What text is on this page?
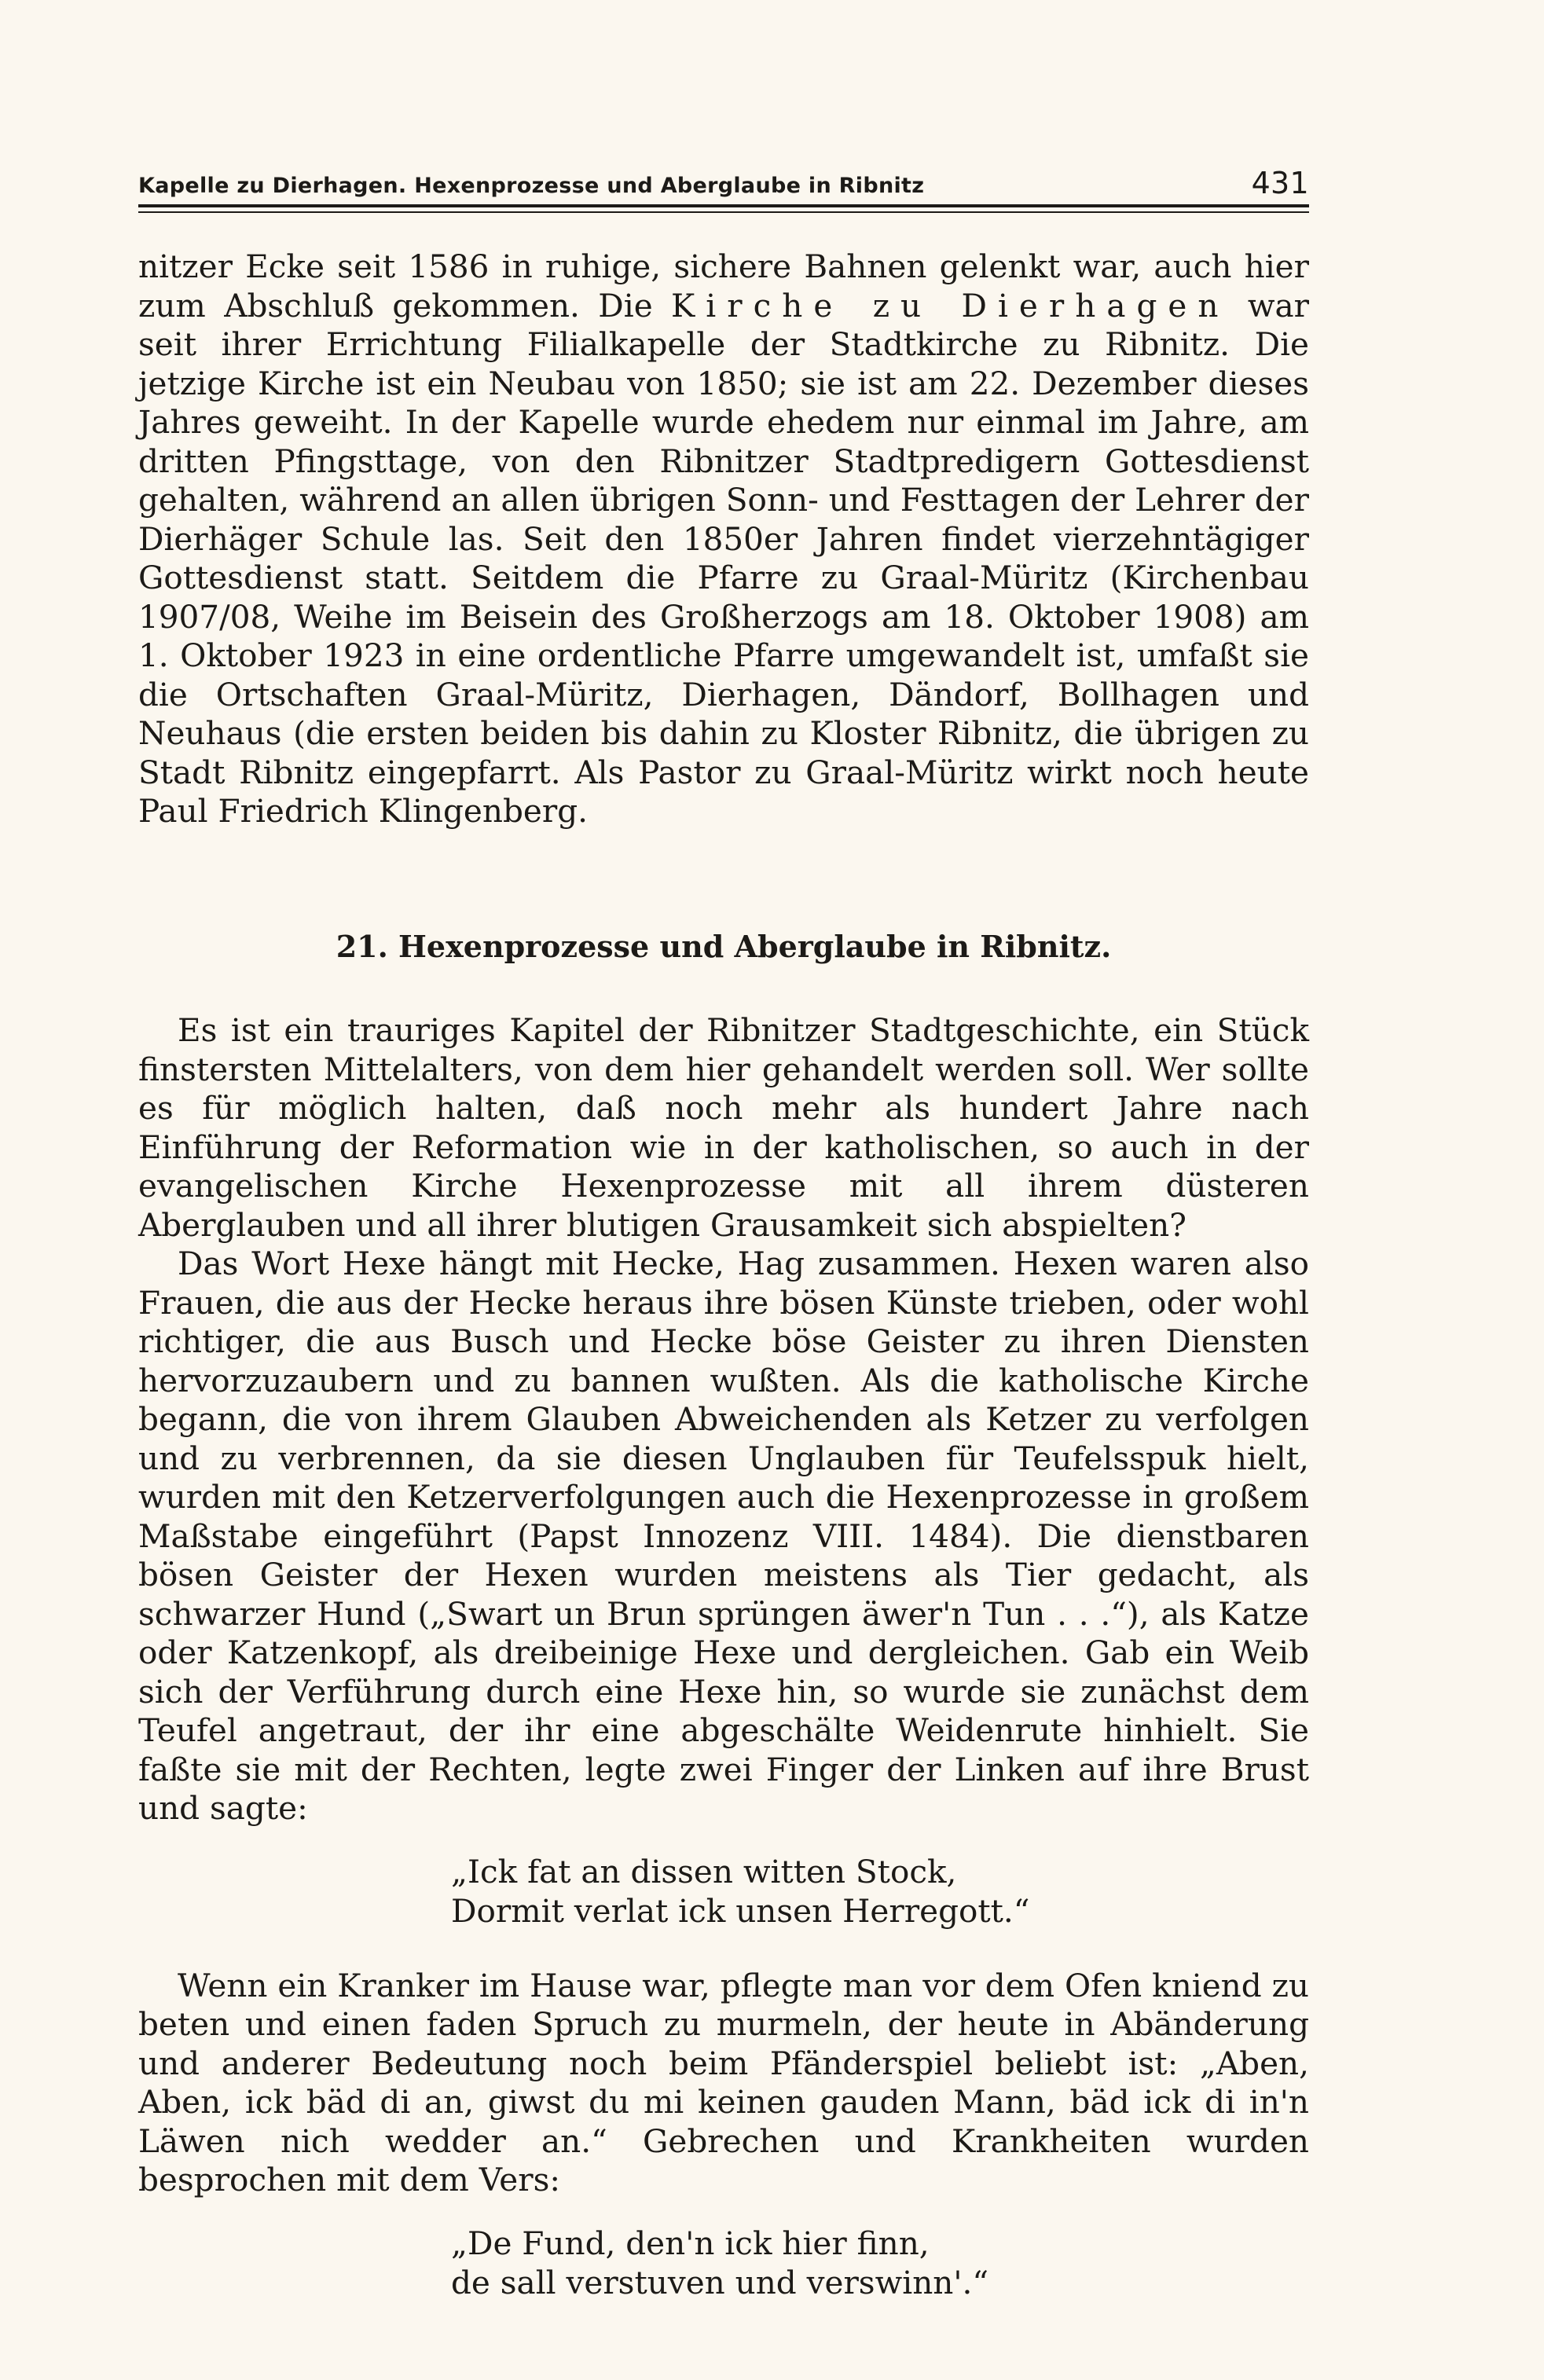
Kapelle zu Dierhagen. Hexenprozesse und Aberglaube in Ribnitz	431

nitzer Ecke seit 1586 in ruhige, sichere Bahnen gelenkt war, auch hier zum Abschluß gekommen. Die Kirche zu Dierhagen war seit ihrer Errichtung Filialkapelle der Stadtkirche zu Ribnitz. Die jetzige Kirche ist ein Neubau von 1850; sie ist am 22. Dezember dieses Jahres geweiht. In der Kapelle wurde ehedem nur einmal im Jahre, am dritten Pfingsttage, von den Ribnitzer Stadtpredigern Gottesdienst gehalten, während an allen übrigen Sonn- und Festtagen der Lehrer der Dierhäger Schule las. Seit den 1850er Jahren findet vierzehntägiger Gottesdienst statt. Seitdem die Pfarre zu Graal-Müritz (Kirchenbau 1907/08, Weihe im Beisein des Großherzogs am 18. Oktober 1908) am 1. Oktober 1923 in eine ordentliche Pfarre umgewandelt ist, umfaßt sie die Ortschaften Graal-Müritz, Dierhagen, Dändorf, Bollhagen und Neuhaus (die ersten beiden bis dahin zu Kloster Ribnitz, die übrigen zu Stadt Ribnitz eingepfarrt. Als Pastor zu Graal-Müritz wirkt noch heute Paul Friedrich Klingenberg.

21. Hexenprozesse und Aberglaube in Ribnitz.

Es ist ein trauriges Kapitel der Ribnitzer Stadtgeschichte, ein Stück finstersten Mittelalters, von dem hier gehandelt werden soll. Wer sollte es für möglich halten, daß noch mehr als hundert Jahre nach Einführung der Reformation wie in der katholischen, so auch in der evangelischen Kirche Hexenprozesse mit all ihrem düsteren Aberglauben und all ihrer blutigen Grausamkeit sich abspielten?

Das Wort Hexe hängt mit Hecke, Hag zusammen. Hexen waren also Frauen, die aus der Hecke heraus ihre bösen Künste trieben, oder wohl richtiger, die aus Busch und Hecke böse Geister zu ihren Diensten hervorzuzaubern und zu bannen wußten. Als die katholische Kirche begann, die von ihrem Glauben Abweichenden als Ketzer zu verfolgen und zu verbrennen, da sie diesen Unglauben für Teufelsspuk hielt, wurden mit den Ketzerverfolgungen auch die Hexenprozesse in großem Maßstabe eingeführt (Papst Innozenz VIII. 1484). Die dienstbaren bösen Geister der Hexen wurden meistens als Tier gedacht, als schwarzer Hund („Swart un Brun sprüngen äwer'n Tun . . .“), als Katze oder Katzenkopf, als dreibeinige Hexe und dergleichen. Gab ein Weib sich der Verführung durch eine Hexe hin, so wurde sie zunächst dem Teufel angetraut, der ihr eine abgeschälte Weidenrute hinhielt. Sie faßte sie mit der Rechten, legte zwei Finger der Linken auf ihre Brust und sagte:

„Ick fat an dissen witten Stock,

Dormit verlat ick unsen Herregott.“

Wenn ein Kranker im Hause war, pflegte man vor dem Ofen kniend zu beten und einen faden Spruch zu murmeln, der heute in Abänderung und anderer Bedeutung noch beim Pfänderspiel beliebt ist: „Aben, Aben, ick bäd di an, giwst du mi keinen gauden Mann, bäd ick di in'n Läwen nich wedder an.“ Gebrechen und Krankheiten wurden besprochen mit dem Vers:

„De Fund, den'n ick hier finn,

de sall verstuven und verswinn'.“
